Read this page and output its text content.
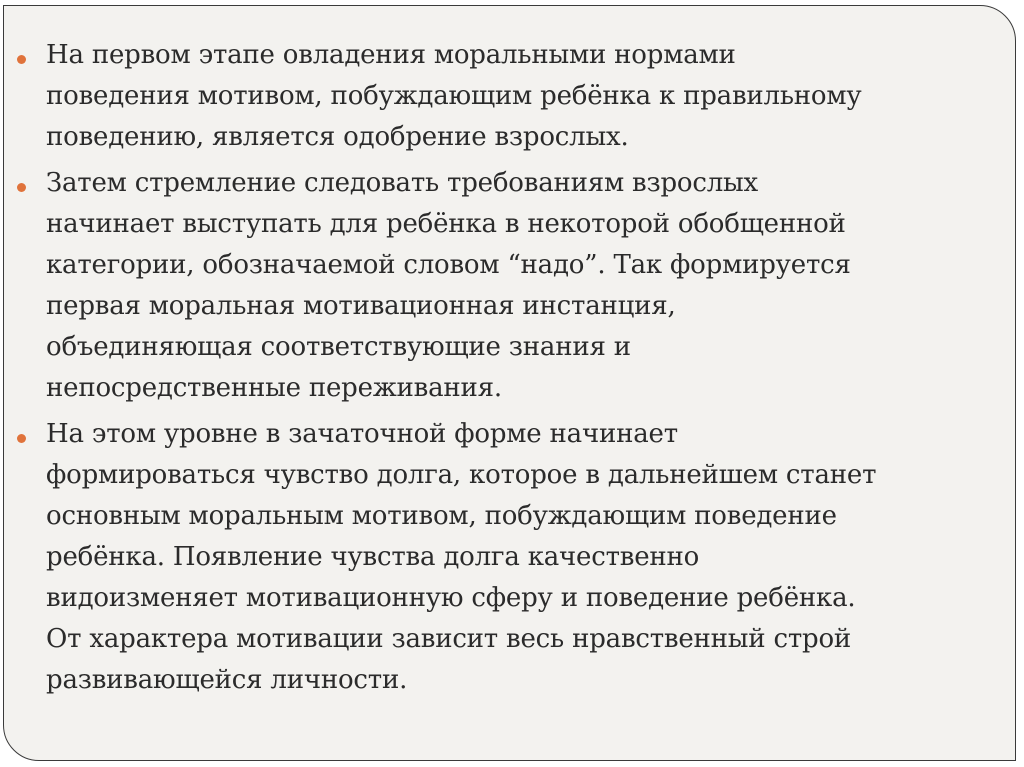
На первом этапе овладения моральными нормами
поведения мотивом, побуждающим ребёнка к правильному
поведению, является одобрение взрослых.
Затем стремление следовать требованиям взрослых
начинает выступать для ребёнка в некоторой обобщенной
категории, обозначаемой словом “надо”. Так формируется
первая моральная мотивационная инстанция,
объединяющая соответствующие знания и
непосредственные переживания.
На этом уровне в зачаточной форме начинает
формироваться чувство долга, которое в дальнейшем станет
основным моральным мотивом, побуждающим поведение
ребёнка. Появление чувства долга качественно
видоизменяет мотивационную сферу и поведение ребёнка.
От характера мотивации зависит весь нравственный строй
развивающейся личности.
